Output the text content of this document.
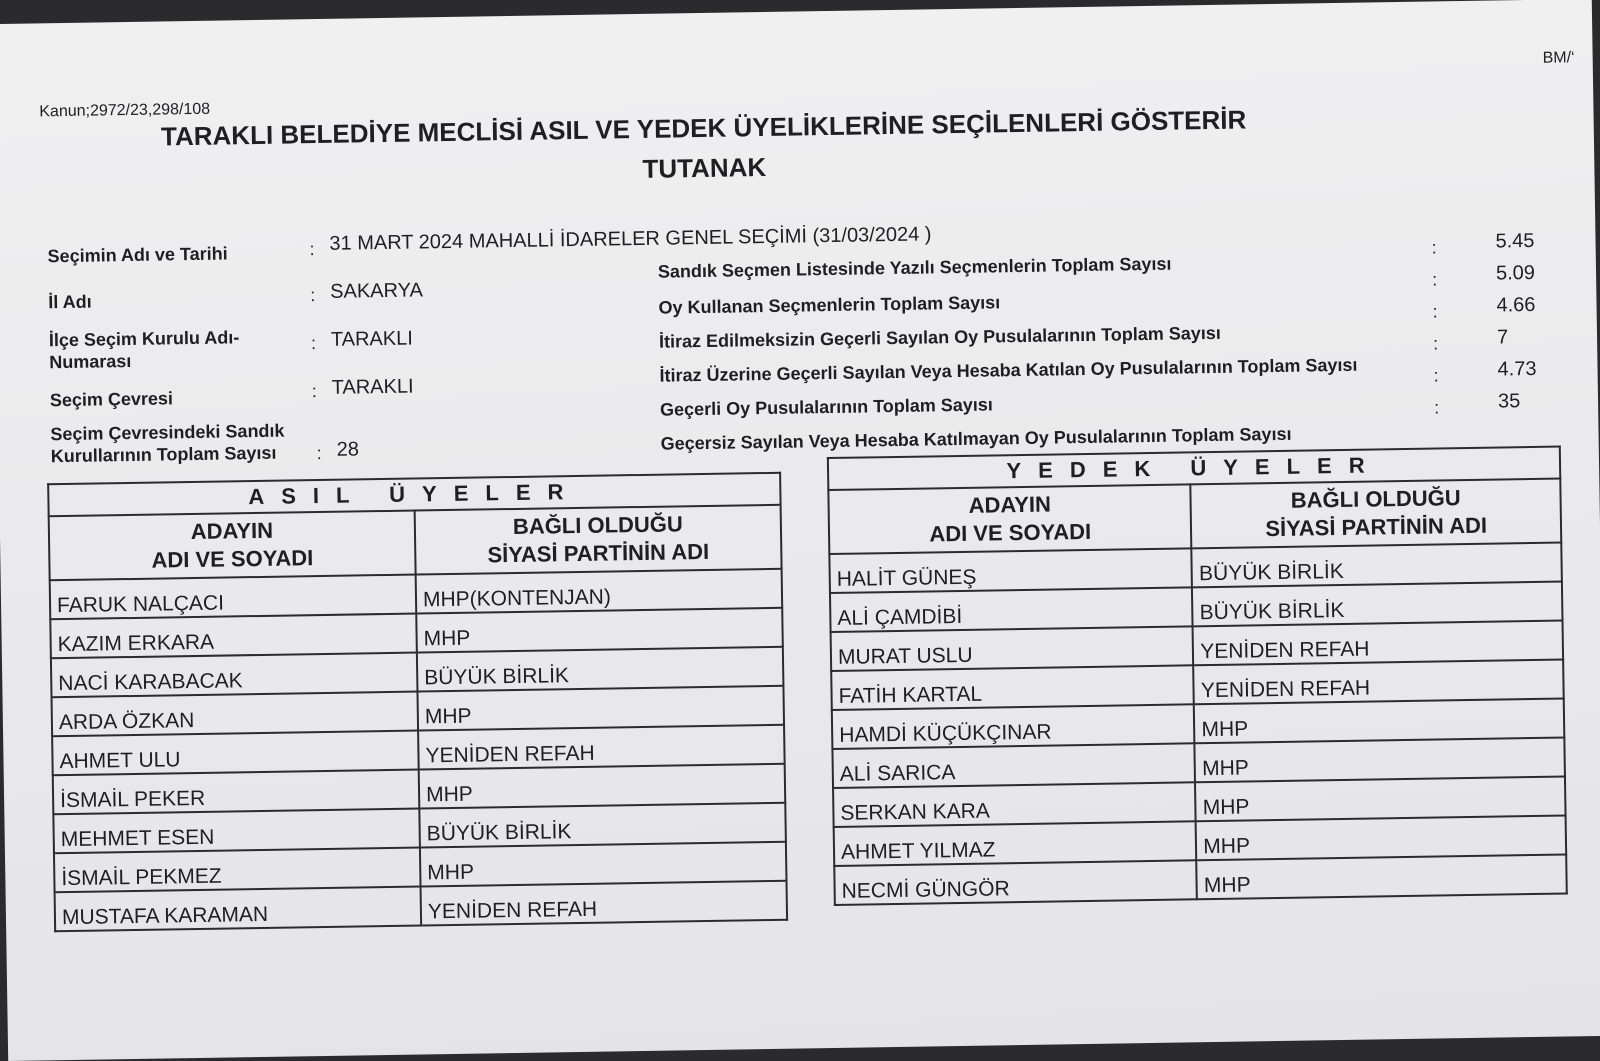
Kanun;2972/23,298/108
BM/‘
TARAKLI BELEDİYE MECLİSİ ASIL VE YEDEK ÜYELİKLERİNE SEÇİLENLERİ GÖSTERİR
TUTANAK
Seçimin Adı ve Tarihi	: 31 MART 2024 MAHALLİ İDARELER GENEL SEÇİMİ (31/03/2024 )
İl Adı	: SAKARYA
İlçe Seçim Kurulu Adı-Numarası
: TARAKLI
Seçim Çevresi	: TARAKLI
Seçim Çevresindeki Sandık Kurullarının Toplam Sayısı	: 28
Sandık Seçmen Listesinde Yazılı Seçmenlerin Toplam Sayısı
:	5.45
Oy Kullanan Seçmenlerin Toplam Sayısı
:	5.09
İtiraz Edilmeksizin Geçerli Sayılan Oy Pusulalarının Toplam Sayısı
:	4.66
İtiraz Üzerine Geçerli Sayılan Veya Hesaba Katılan Oy Pusulalarının Toplam Sayısı
:	7
Geçerli Oy Pusulalarının Toplam Sayısı
:	4.73
Geçersiz Sayılan Veya Hesaba Katılmayan Oy Pusulalarının Toplam Sayısı
:	35
ASIL ÜYELER	
ADAYIN
ADI VE SOYADI	BAĞLI OLDUĞU
SİYASİ PARTİNİN ADI
FARUK NALÇACI	MHP(KONTENJAN)
KAZIM ERKARA	MHP
NACİ KARABACAK	BÜYÜK BİRLİK
ARDA ÖZKAN	MHP
AHMET ULU	YENİDEN REFAH
İSMAİL PEKER	MHP
MEHMET ESEN	BÜYÜK BİRLİK
İSMAİL PEKMEZ	MHP
MUSTAFA KARAMAN	YENİDEN REFAH
YEDEK ÜYELER	
ADAYIN
ADI VE SOYADI	BAĞLI OLDUĞU
SİYASİ PARTİNİN ADI
HALİT GÜNEŞ	BÜYÜK BİRLİK
ALİ ÇAMDİBİ	BÜYÜK BİRLİK
MURAT USLU	YENİDEN REFAH
FATİH KARTAL	YENİDEN REFAH
HAMDİ KÜÇÜKÇINAR	MHP
ALİ SARICA	MHP
SERKAN KARA	MHP
AHMET YILMAZ	MHP
NECMİ GÜNGÖR	MHP
